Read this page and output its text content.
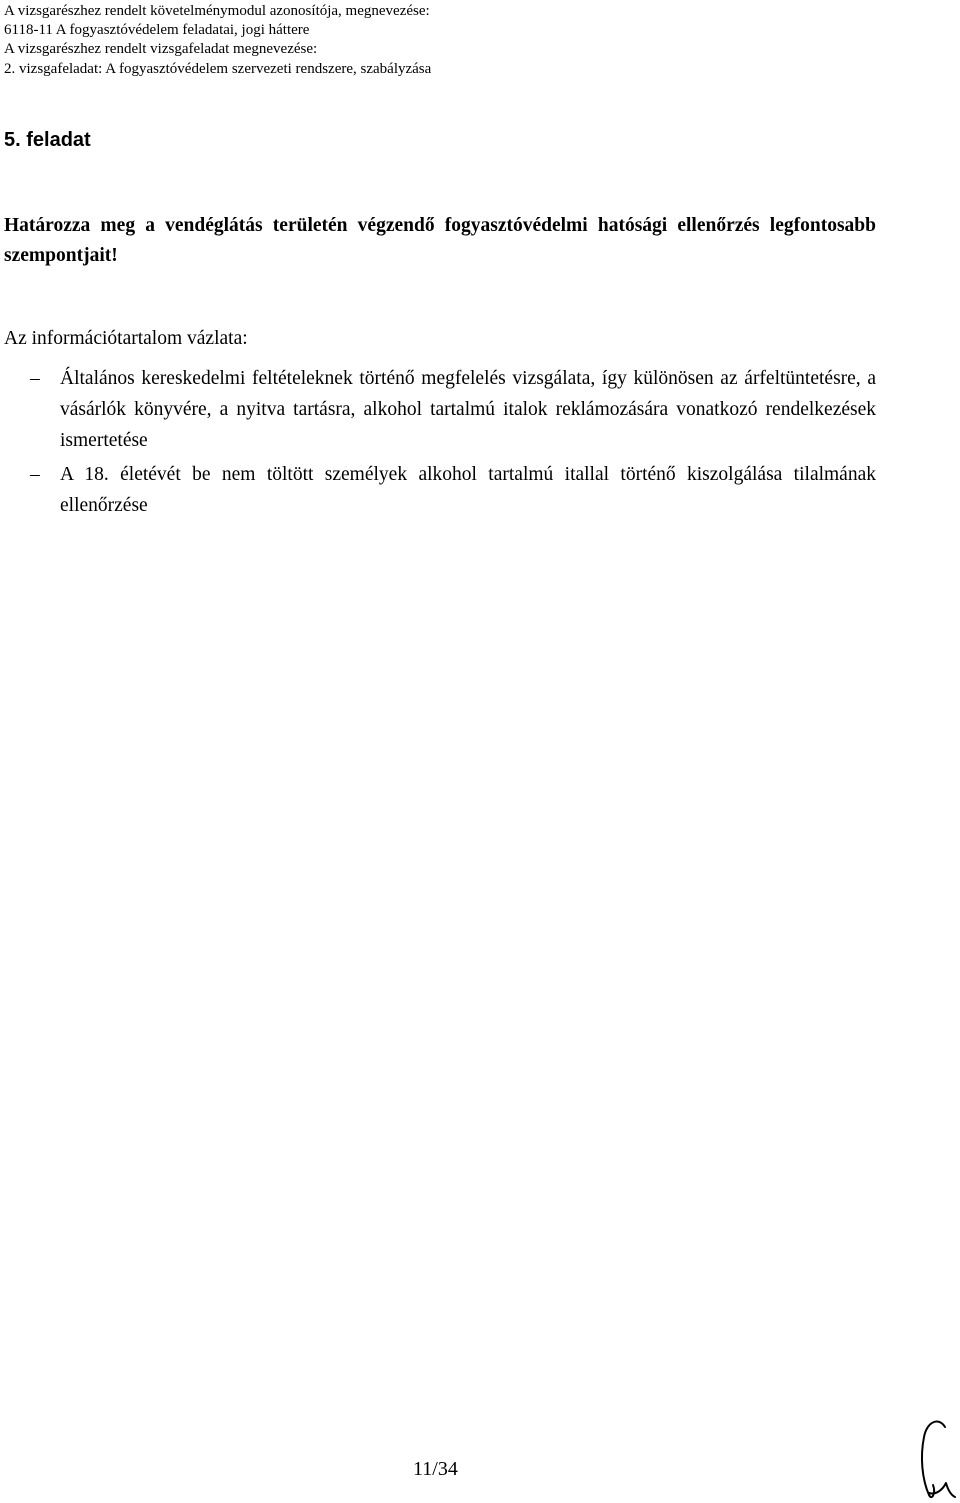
A vizsgarészhez rendelt követelménymodul azonosítója, megnevezése:
6118-11 A fogyasztóvédelem feladatai, jogi háttere
A vizsgarészhez rendelt vizsgafeladat megnevezése:
2. vizsgafeladat: A fogyasztóvédelem szervezeti rendszere, szabályzása
5. feladat
Határozza meg a vendéglátás területén végzendő fogyasztóvédelmi hatósági ellenőrzés legfontosabb szempontjait!
Az információtartalom vázlata:
– Általános kereskedelmi feltételeknek történő megfelelés vizsgálata, így különösen az árfeltüntetésre, a vásárlók könyvére, a nyitva tartásra, alkohol tartalmú italok reklámozására vonatkozó rendelkezések ismertetése
– A 18. életévét be nem töltött személyek alkohol tartalmú itallal történő kiszolgálása tilalmának ellenőrzése
11/34
